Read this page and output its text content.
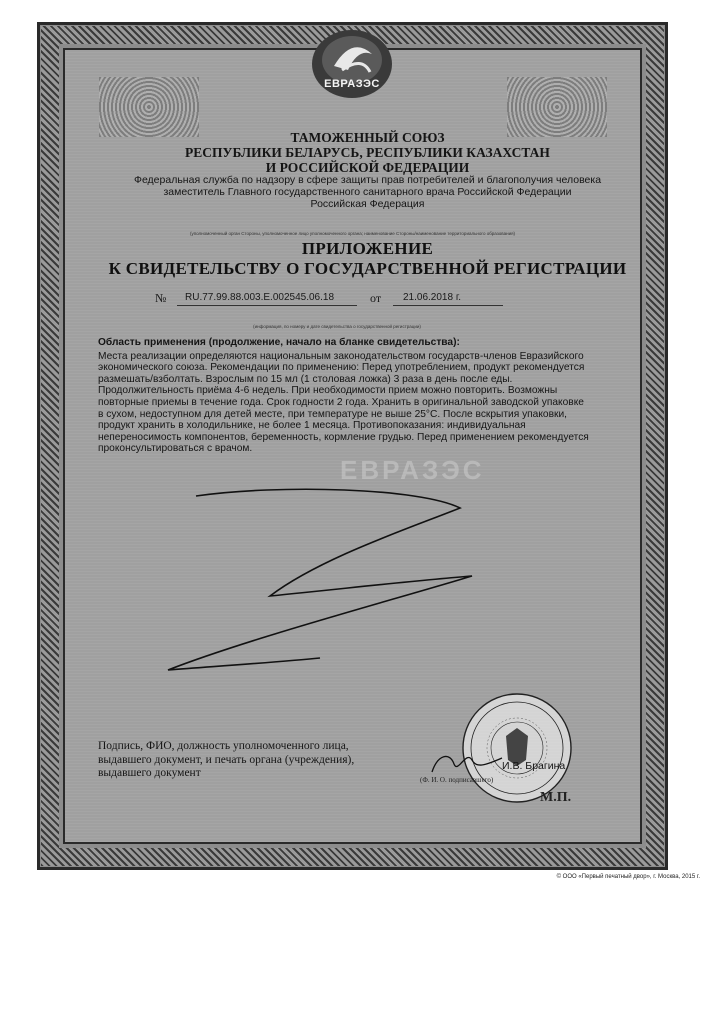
ЕВРАЗЭС
ТАМОЖЕННЫЙ СОЮЗ
РЕСПУБЛИКИ БЕЛАРУСЬ, РЕСПУБЛИКИ КАЗАХСТАН
И РОССИЙСКОЙ ФЕДЕРАЦИИ
Федеральная служба по надзору в сфере защиты прав потребителей и благополучия человека
заместитель Главного государственного санитарного врача Российской Федерации
Российская Федерация
(уполномоченный орган Стороны, уполномоченное лицо уполномоченного органа; наименование Стороны/наименование территориального образования)
ПРИЛОЖЕНИЕ
К СВИДЕТЕЛЬСТВУ О ГОСУДАРСТВЕННОЙ РЕГИСТРАЦИИ
№ RU.77.99.88.003.E.002545.06.18	от 21.06.2018 г.
(информация, по номеру и дате свидетельства о государственной регистрации)
Область применения (продолжение, начало на бланке свидетельства):
Места реализации определяются национальным законодательством государств-членов Евразийского экономического союза. Рекомендации по применению: Перед употреблением, продукт рекомендуется размешать/взболтать. Взрослым по 15 мл (1 столовая ложка) 3 раза в день после еды. Продолжительность приёма 4-6 недель. При необходимости прием можно повторить. Возможны повторные приемы в течение года. Срок годности 2 года. Хранить в оригинальной заводской упаковке в сухом, недоступном для детей месте, при температуре не выше 25°С. После вскрытия упаковки, продукт хранить в холодильнике, не более 1 месяца. Противопоказания: индивидуальная непереносимость компонентов, беременность, кормление грудью. Перед применением рекомендуется проконсультироваться с врачом.
ЕВРАЗЭС
Подпись, ФИО, должность уполномоченного лица, выдавшего документ, и печать органа (учреждения), выдавшего документ
И.В. Брагина
(Ф. И. О. подписавшего)
М.П.
© ООО «Первый печатный двор», г. Москва, 2015 г.
